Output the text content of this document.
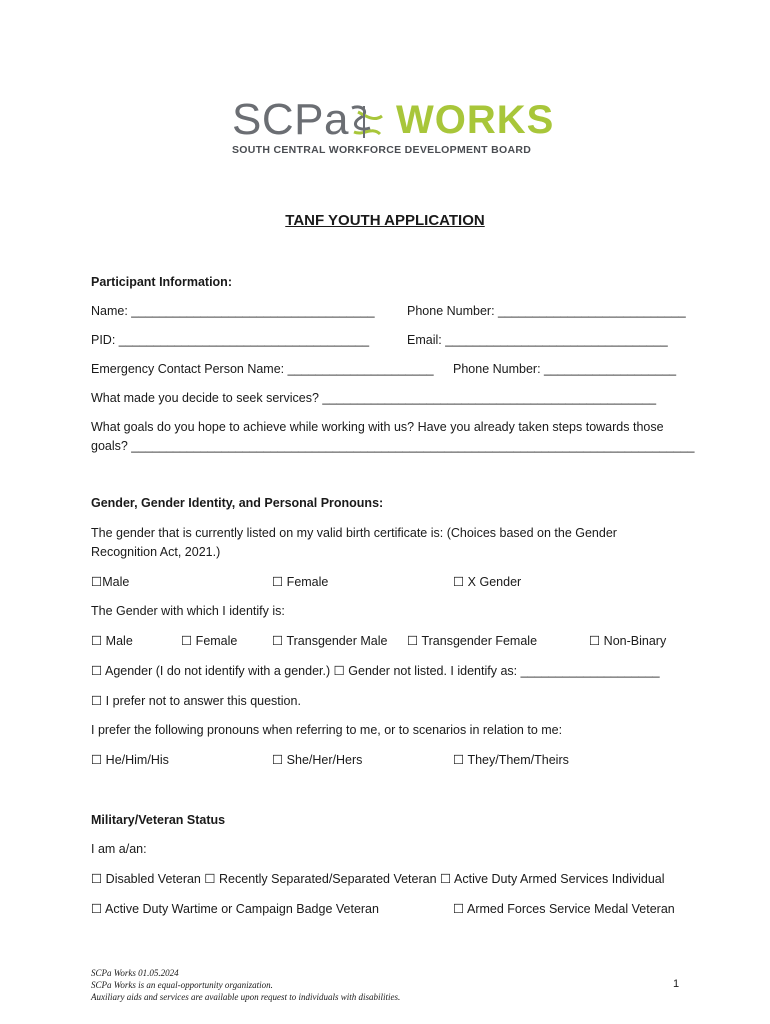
SCPa WORKS
SOUTH CENTRAL WORKFORCE DEVELOPMENT BOARD
TANF YOUTH APPLICATION
Participant Information:
Name: ___________________________________	Phone Number: ___________________________
PID: ____________________________________	Email: ________________________________
Emergency Contact Person Name: _____________________ Phone Number: ___________________
What made you decide to seek services? ________________________________________________
What goals do you hope to achieve while working with us? Have you already taken steps towards those
goals? _________________________________________________________________________________
Gender, Gender Identity, and Personal Pronouns:
The gender that is currently listed on my valid birth certificate is: (Choices based on the Gender
Recognition Act, 2021.)
☐Male	☐ Female	☐ X Gender
The Gender with which I identify is:
☐ Male	☐ Female	☐ Transgender Male ☐ Transgender Female	☐ Non-Binary
☐ Agender (I do not identify with a gender.) ☐ Gender not listed. I identify as: ____________________
☐ I prefer not to answer this question.
I prefer the following pronouns when referring to me, or to scenarios in relation to me:
☐ He/Him/His	☐ She/Her/Hers	☐ They/Them/Theirs
Military/Veteran Status
I am a/an:
☐ Disabled Veteran ☐ Recently Separated/Separated Veteran ☐ Active Duty Armed Services Individual
☐ Active Duty Wartime or Campaign Badge Veteran	☐ Armed Forces Service Medal Veteran
SCPa Works 01.05.2024
SCPa Works is an equal-opportunity organization.
Auxiliary aids and services are available upon request to individuals with disabilities.
1
